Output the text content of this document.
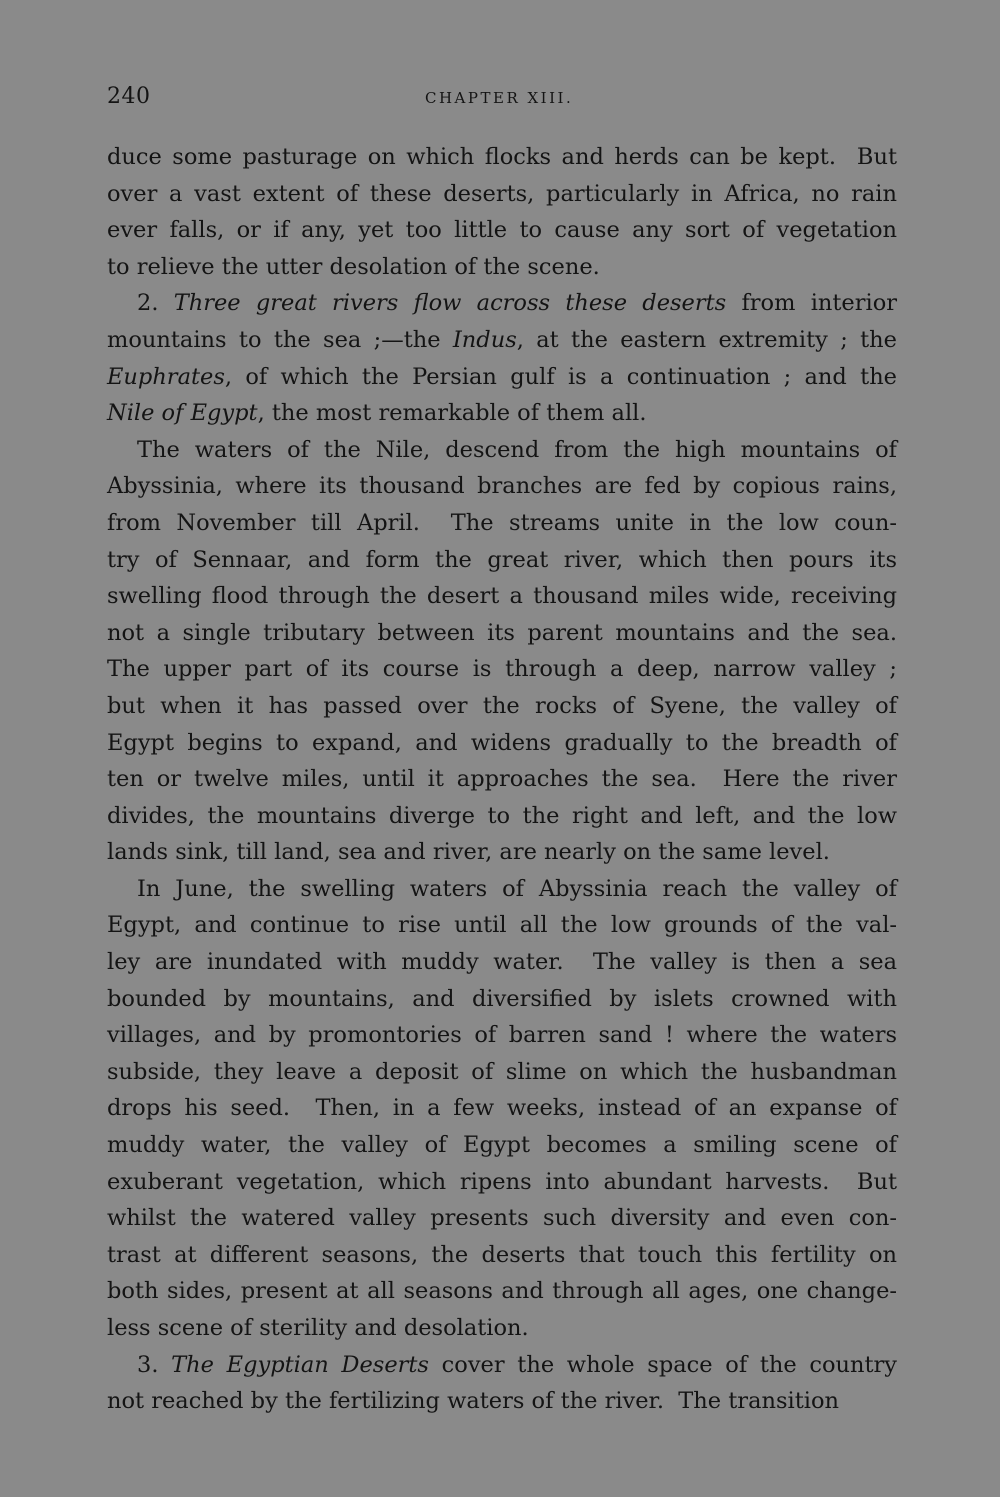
240	CHAPTER XIII.
duce some pasturage on which flocks and herds can be kept.  But
over a vast extent of these deserts, particularly in Africa, no rain
ever falls, or if any, yet too little to cause any sort of vegetation
to relieve the utter desolation of the scene.
2. Three great rivers flow across these deserts from interior
mountains to the sea ;—the Indus, at the eastern extremity ; the
Euphrates, of which the Persian gulf is a continuation ; and the
Nile of Egypt, the most remarkable of them all.
The waters of the Nile, descend from the high mountains of
Abyssinia, where its thousand branches are fed by copious rains,
from November till April.  The streams unite in the low coun-
try of Sennaar, and form the great river, which then pours its
swelling flood through the desert a thousand miles wide, receiving
not a single tributary between its parent mountains and the sea.
The upper part of its course is through a deep, narrow valley ;
but when it has passed over the rocks of Syene, the valley of
Egypt begins to expand, and widens gradually to the breadth of
ten or twelve miles, until it approaches the sea.  Here the river
divides, the mountains diverge to the right and left, and the low
lands sink, till land, sea and river, are nearly on the same level.
In June, the swelling waters of Abyssinia reach the valley of
Egypt, and continue to rise until all the low grounds of the val-
ley are inundated with muddy water.  The valley is then a sea
bounded by mountains, and diversified by islets crowned with
villages, and by promontories of barren sand ! where the waters
subside, they leave a deposit of slime on which the husbandman
drops his seed.  Then, in a few weeks, instead of an expanse of
muddy water, the valley of Egypt becomes a smiling scene of
exuberant vegetation, which ripens into abundant harvests.  But
whilst the watered valley presents such diversity and even con-
trast at different seasons, the deserts that touch this fertility on
both sides, present at all seasons and through all ages, one change-
less scene of sterility and desolation.
3. The Egyptian Deserts cover the whole space of the country
not reached by the fertilizing waters of the river.  The transition
